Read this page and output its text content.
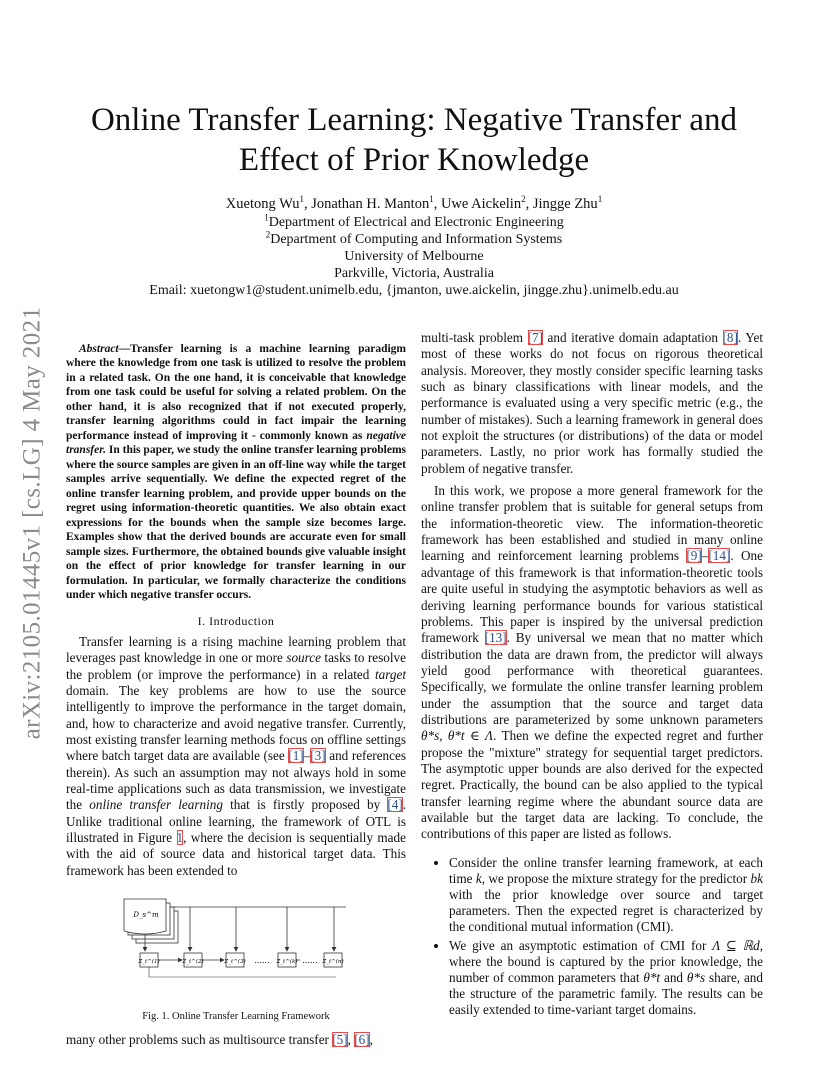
arXiv:2105.01445v1 [cs.LG] 4 May 2021
Online Transfer Learning: Negative Transfer and
Effect of Prior Knowledge
Xuetong Wu$^1$, Jonathan H. Manton$^1$, Uwe Aickelin$^2$, Jingge Zhu$^1$
$^1$Department of Electrical and Electronic Engineering
$^2$Department of Computing and Information Systems
University of Melbourne
Parkville, Victoria, Australia
Email: xuetongw1@student.unimelb.edu, {jmanton, uwe.aickelin, jingge.zhu}.unimelb.edu.au

Abstract—Transfer learning is a machine learning paradigm where the knowledge from one task is utilized to resolve the problem in a related task. On the one hand, it is conceivable that knowledge from one task could be useful for solving a related problem. On the other hand, it is also recognized that if not executed properly, transfer learning algorithms could in fact impair the learning performance instead of improving it - commonly known as negative transfer. In this paper, we study the online transfer learning problems where the source samples are given in an off-line way while the target samples arrive sequentially. We define the expected regret of the online transfer learning problem, and provide upper bounds on the regret using information-theoretic quantities. We also obtain exact expressions for the bounds when the sample size becomes large. Examples show that the derived bounds are accurate even for small sample sizes. Furthermore, the obtained bounds give valuable insight on the effect of prior knowledge for transfer learning in our formulation. In particular, we formally characterize the conditions under which negative transfer occurs.

I. Introduction

Transfer learning is a rising machine learning problem that leverages past knowledge in one or more source tasks to resolve the problem (or improve the performance) in a related target domain. The key problems are how to use the source intelligently to improve the performance in the target domain, and, how to characterize and avoid negative transfer. Currently, most existing transfer learning methods focus on offline settings where batch target data are available (see [1]–[3] and references therein). As such an assumption may not always hold in some real-time applications such as data transmission, we investigate the online transfer learning that is firstly proposed by [4]. Unlike traditional online learning, the framework of OTL is illustrated in Figure 1, where the decision is sequentially made with the aid of source data and historical target data. This framework has been extended to

D_s^m
Z_t^(1)	Z_t^(2)	Z_t^(3) ...... Z_t^(k) ...... Z_t^(n)
Fig. 1. Online Transfer Learning Framework

many other problems such as multisource transfer [5], [6],

multi-task problem [7] and iterative domain adaptation [8]. Yet most of these works do not focus on rigorous theoretical analysis. Moreover, they mostly consider specific learning tasks such as binary classifications with linear models, and the performance is evaluated using a very specific metric (e.g., the number of mistakes). Such a learning framework in general does not exploit the structures (or distributions) of the data or model parameters. Lastly, no prior work has formally studied the problem of negative transfer.

In this work, we propose a more general framework for the online transfer problem that is suitable for general setups from the information-theoretic view. The information-theoretic framework has been established and studied in many online learning and reinforcement learning problems [9]–[14]. One advantage of this framework is that information-theoretic tools are quite useful in studying the asymptotic behaviors as well as deriving learning performance bounds for various statistical problems. This paper is inspired by the universal prediction framework [13]. By universal we mean that no matter which distribution the data are drawn from, the predictor will always yield good performance with theoretical guarantees. Specifically, we formulate the online transfer learning problem under the assumption that the source and target data distributions are parameterized by some unknown parameters θ*s, θ*t ∈ Λ. Then we define the expected regret and further propose the "mixture" strategy for sequential target predictors. The asymptotic upper bounds are also derived for the expected regret. Practically, the bound can be also applied to the typical transfer learning regime where the abundant source data are available but the target data are lacking. To conclude, the contributions of this paper are listed as follows.

• Consider the online transfer learning framework, at each time k, we propose the mixture strategy for the predictor bk with the prior knowledge over source and target parameters. Then the expected regret is characterized by the conditional mutual information (CMI).
• We give an asymptotic estimation of CMI for Λ ⊆ ℝd, where the bound is captured by the prior knowledge, the number of common parameters that θ*t and θ*s share, and the structure of the parametric family. The results can be easily extended to time-variant target domains.
